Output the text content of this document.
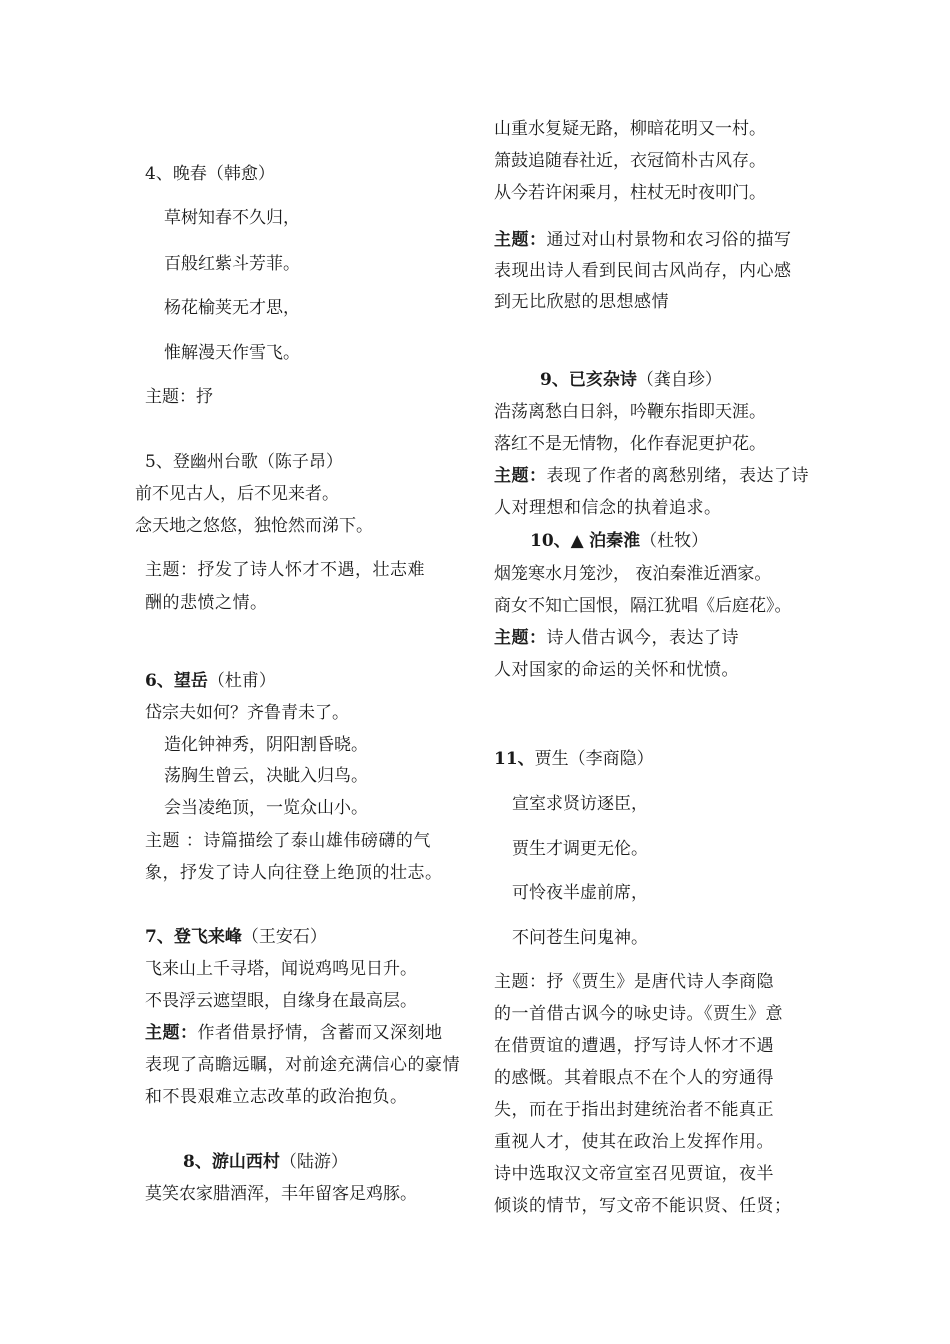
4、晚春（韩愈）
草树知春不久归，
百般红紫斗芳菲。
杨花榆荚无才思，
惟解漫天作雪飞。
主题：抒
5、登幽州台歌（陈子昂）
前不见古人，后不见来者。
念天地之悠悠，独怆然而涕下。
主题：抒发了诗人怀才不遇，壮志难
酬的悲愤之情。
6、望岳（杜甫）
岱宗夫如何？齐鲁青未了。
造化钟神秀，阴阳割昏晓。
荡胸生曾云，决眦入归鸟。
会当凌绝顶，一览众山小。
主题 ：诗篇描绘了泰山雄伟磅礴的气
象，抒发了诗人向往登上绝顶的壮志。
7、登飞来峰（王安石）
飞来山上千寻塔，闻说鸡鸣见日升。
不畏浮云遮望眼，自缘身在最高层。
主题：作者借景抒情，含蓄而又深刻地
表现了高瞻远瞩，对前途充满信心的豪情
和不畏艰难立志改革的政治抱负。
8、游山西村（陆游）
莫笑农家腊酒浑，丰年留客足鸡豚。
山重水复疑无路，柳暗花明又一村。
箫鼓追随春社近，衣冠简朴古风存。
从今若许闲乘月，柱杖无时夜叩门。
主题：通过对山村景物和农习俗的描写
表现出诗人看到民间古风尚存，内心感
到无比欣慰的思想感情
9、已亥杂诗（龚自珍）
浩荡离愁白日斜，吟鞭东指即天涯。
落红不是无情物，化作春泥更护花。
主题：表现了作者的离愁别绪，表达了诗
人对理想和信念的执着追求。
10、▲ 泊秦淮（杜牧）
烟笼寒水月笼沙， 夜泊秦淮近酒家。
商女不知亡国恨，隔江犹唱《后庭花》。
主题：诗人借古讽今，表达了诗
人对国家的命运的关怀和忧愤。
11、贾生（李商隐）
宣室求贤访逐臣，
贾生才调更无伦。
可怜夜半虚前席，
不问苍生问鬼神。
主题：抒《贾生》是唐代诗人李商隐
的一首借古讽今的咏史诗。《贾生》意
在借贾谊的遭遇，抒写诗人怀才不遇
的感慨。其着眼点不在个人的穷通得
失，而在于指出封建统治者不能真正
重视人才，使其在政治上发挥作用。
诗中选取汉文帝宣室召见贾谊，夜半
倾谈的情节，写文帝不能识贤、任贤；
